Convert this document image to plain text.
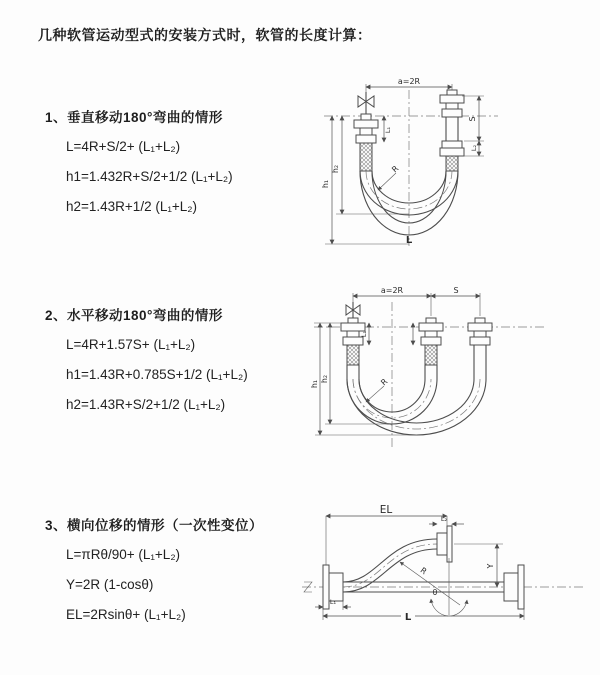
几种软管运动型式的安装方式时，软管的长度计算：
1、垂直移动180°弯曲的情形
L=4R+S/2+ (L₁+L₂)
h1=1.432R+S/2+1/2 (L₁+L₂)
h2=1.43R+1/2 (L₁+L₂)
2、水平移动180°弯曲的情形
L=4R+1.57S+ (L₁+L₂)
h1=1.43R+0.785S+1/2 (L₁+L₂)
h2=1.43R+S/2+1/2 (L₁+L₂)
3、横向位移的情形（一次性变位）
L=πRθ/90+ (L₁+L₂)
Y=2R (1-cosθ)
EL=2Rsinθ+ (L₁+L₂)
a=2R
h₁
h₂
L₁
S
L₂
R
L
a=2R	S
h₁
h₂
L₁
R
EL
L₂
Y
R
θ
L₁
L
